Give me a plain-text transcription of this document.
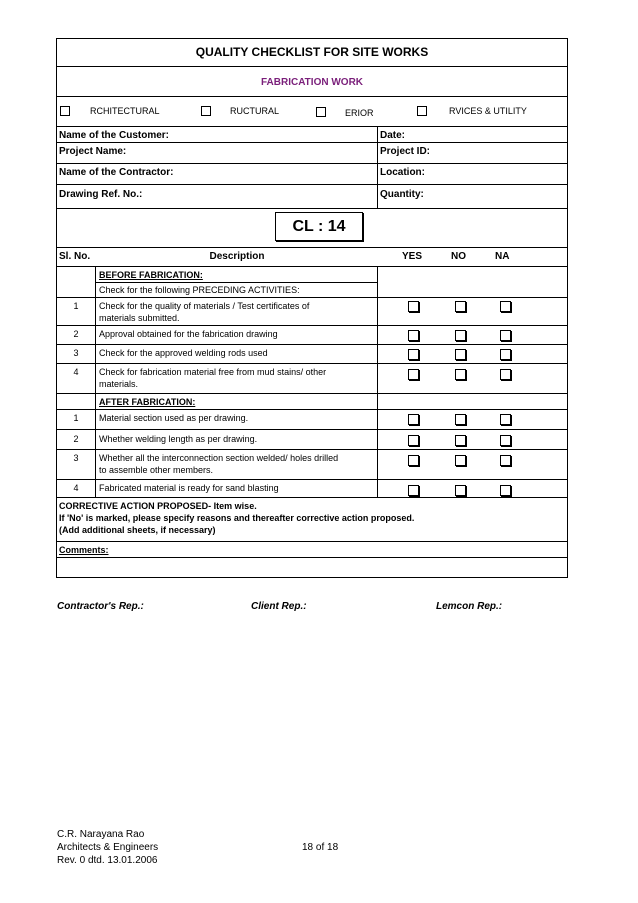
QUALITY CHECKLIST FOR SITE WORKS
FABRICATION WORK
RCHITECTURAL	RUCTURAL	ERIOR	RVICES & UTILITY
Name of the Customer:	Date:
Project Name:	Project ID:
Name of the Contractor:	Location:
Drawing Ref. No.:	Quantity:
CL : 14
Sl. No.	Description	YES	NO	NA
BEFORE FABRICATION:
Check for the following PRECEDING ACTIVITIES:
1	Check for the quality of materials / Test certificates of
materials submitted.
2	Approval obtained for the fabrication drawing
3	Check for the approved welding rods used
4	Check for fabrication material free from mud stains/ other
materials.
AFTER FABRICATION:
1	Material section used as per drawing.
2	Whether welding length as per drawing.
3	Whether all the interconnection section welded/ holes drilled
to assemble other members.
4	Fabricated material is ready for sand blasting
CORRECTIVE ACTION PROPOSED- Item wise.
If 'No' is marked, please specify reasons and thereafter corrective action proposed.
(Add additional sheets, if necessary)
Comments:
Contractor's Rep.:	Client Rep.:	Lemcon Rep.:
C.R. Narayana Rao
Architects & Engineers
Rev. 0 dtd. 13.01.2006
18 of 18
